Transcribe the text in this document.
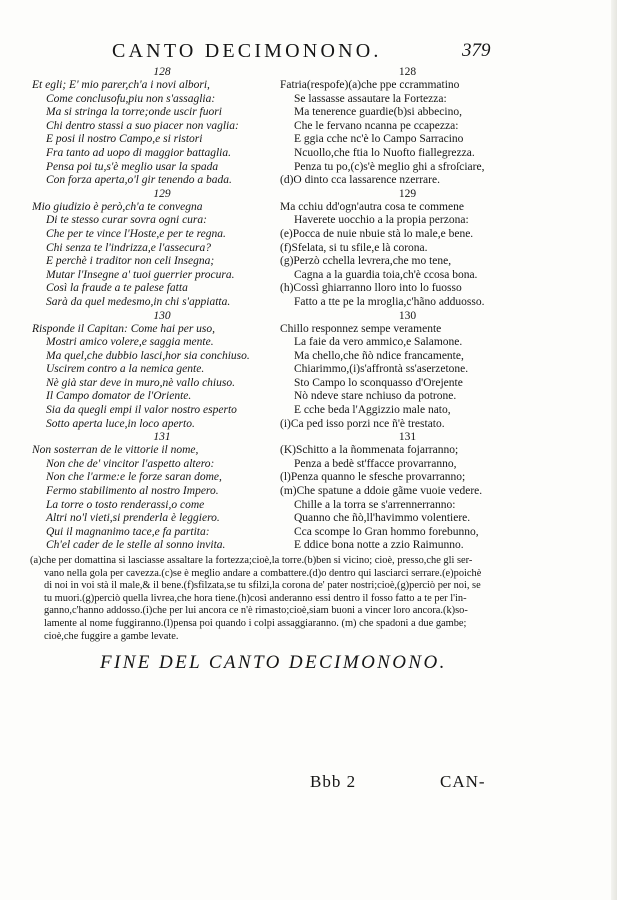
CANTO DECIMONONO.	379
128
Et egli; E' mio parer,ch'a i novi albori,
Come conclusofu,piu non s'assaglia:
Ma si stringa la torre;onde uscir fuori
Chi dentro stassi a suo piacer non vaglia:
E posi il nostro Campo,e si ristori
Fra tanto ad uopo di maggior battaglia.
Pensa poi tu,s'è meglio usar la spada
Con forza aperta,o'l gir tenendo a bada.
129
Mio giudizio è però,ch'a te convegna
Di te stesso curar sovra ogni cura:
Che per te vince l'Hoste,e per te regna.
Chi senza te l'indrizza,e l'assecura?
E perchè i traditor non celi Insegna;
Mutar l'Insegne a' tuoi guerrier procura.
Così la fraude a te palese fatta
Sarà da quel medesmo,in chi s'appiatta.
130
Risponde il Capitan: Come hai per uso,
Mostri amico volere,e saggia mente.
Ma quel,che dubbio lasci,hor sia conchiuso.
Uscirem contro a la nemica gente.
Nè già star deve in muro,nè vallo chiuso.
Il Campo domator de l'Oriente.
Sia da quegli empi il valor nostro esperto
Sotto aperta luce,in loco aperto.
131
Non sosterran de le vittorie il nome,
Non che de' vincitor l'aspetto altero:
Non che l'arme:e le forze saran dome,
Fermo stabilimento al nostro Impero.
La torre o tosto renderassi,o come
Altri no'l vieti,si prenderla è leggiero.
Qui il magnanimo tace,e fa partita:
Ch'el cader de le stelle al sonno invita.
128
Fatria(respofe)(a)che ppe ccrammatino
Se lassasse assautare la Fortezza:
Ma tenerence guardie(b)si abbecino,
Che le fervano ncanna pe ccapezza:
E ggia cche nc'è lo Campo Sarracino
Ncuollo,che ftia lo Nuofto fiallegrezza.
Penza tu po,(c)s'è meglio ghi a sfroſciare,
(d)O dinto cca lassarence nzerrare.
129
Ma cchiu dd'ogn'autra cosa te commene
Haverete uocchio a la propia perzona:
(e)Pocca de nuie nbuie stà lo male,e bene.
(f)Sfelata, si tu sfile,e là corona.
(g)Perzò cchella levrera,che mo tene,
Cagna a la guardia toia,ch'è ccosa bona.
(h)Cossì ghiarranno lloro into lo fuosso
Fatto a tte pe la mroglia,c'hãno adduosso.
130
Chillo responnez sempe veramente
La faie da vero ammico,e Salamone.
Ma chello,che ñò ndice francamente,
Chiarimmo,(i)s'affrontà ss'aserzetone.
Sto Campo lo sconquasso d'Orejente
Nò ndeve stare nchiuso da potrone.
E cche beda l'Aggizzio male nato,
(i)Ca ped isso porzi nce ñ'è trestato.
131
(K)Schitto a la ñommenata fojarranno;
Penza a bedè st'ffacce provarranno,
(l)Penza quanno le sfesche provarranno;
(m)Che spatune a ddoie gãme vuoie vedere.
Chille a la torra se s'arrennerranno:
Quanno che ñò,ll'havimmo volentiere.
Cca scompe lo Gran hommo forebunno,
E ddice bona notte a zzio Raimunno.
(a)che per domattina si lasciasse assaltare la fortezza;cioè,la torre.(b)ben si vicino; cioè, presso,che gli ser-
vano nella gola per cavezza.(c)se è meglio andare a combattere.(d)o dentro qui lasciarci serrare.(e)poichè
di noi in voi stà il male,& il bene.(f)sfilzata,se tu sfilzi,la corona de' pater nostri;cioè,(g)perciò per noi, se
tu muori.(g)perciò quella livrea,che hora tiene.(h)così anderanno essi dentro il fosso fatto a te per l'in-
ganno,c'hanno addosso.(i)che per lui ancora ce n'è rimasto;cioè,siam buoni a vincer loro ancora.(k)so-
lamente al nome fuggiranno.(l)pensa poi quando i colpi assaggiaranno. (m) che spadoni a due gambe;
cioè,che fuggire a gambe levate.
FINE DEL CANTO DECIMONONO.
Bbb 2	CAN-
